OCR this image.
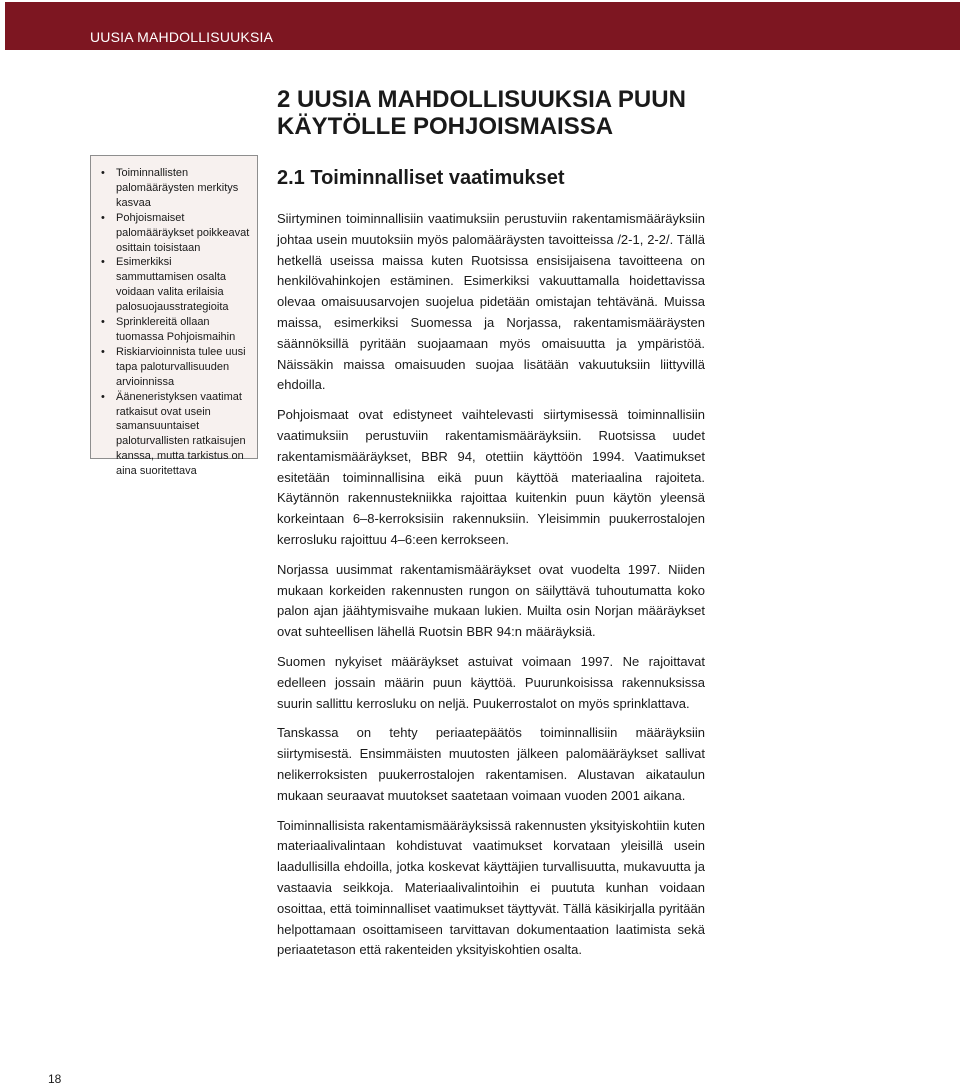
UUSIA MAHDOLLISUUKSIA
• Toiminnallisten palomääräysten merkitys kasvaa
• Pohjoismaiset palomääräykset poikkeavat osittain toisistaan
• Esimerkiksi sammuttamisen osalta voidaan valita erilaisia palosuojausstrategioita
• Sprinklereitä ollaan tuomassa Pohjoismaihin
• Riskiarvioinnista tulee uusi tapa paloturvallisuuden arvioinnissa
• Ääneneristyksen vaatimat ratkaisut ovat usein samansuuntaiset paloturvallisten ratkaisujen kanssa, mutta tarkistus on aina suoritettava
2 UUSIA MAHDOLLISUUKSIA PUUN KÄYTÖLLE POHJOISMAISSA
2.1 Toiminnalliset vaatimukset

Siirtyminen toiminnallisiin vaatimuksiin perustuviin rakentamismääräyksiin johtaa usein muutoksiin myös palomääräysten tavoitteissa /2-1, 2-2/. Tällä hetkellä useissa maissa kuten Ruotsissa ensisijaisena tavoitteena on henkilövahinkojen estäminen. Esimerkiksi vakuuttamalla hoidettavissa olevaa omaisuusarvojen suojelua pidetään omistajan tehtävänä. Muissa maissa, esimerkiksi Suomessa ja Norjassa, rakentamismääräysten säännöksillä pyritään suojaamaan myös omaisuutta ja ympäristöä. Näissäkin maissa omaisuuden suojaa lisätään vakuutuksiin liittyvillä ehdoilla.

Pohjoismaat ovat edistyneet vaihtelevasti siirtymisessä toiminnallisiin vaatimuksiin perustuviin rakentamismääräyksiin. Ruotsissa uudet rakentamismääräykset, BBR 94, otettiin käyttöön 1994. Vaatimukset esitetään toiminnallisina eikä puun käyttöä materiaalina rajoiteta. Käytännön rakennustekniikka rajoittaa kuitenkin puun käytön yleensä korkeintaan 6–8-kerroksisiin rakennuksiin. Yleisimmin puukerrostalojen kerrosluku rajoittuu 4–6:een kerrokseen.

Norjassa uusimmat rakentamismääräykset ovat vuodelta 1997. Niiden mukaan korkeiden rakennusten rungon on säilyttävä tuhoutumatta koko palon ajan jäähtymisvaihe mukaan lukien. Muilta osin Norjan määräykset ovat suhteellisen lähellä Ruotsin BBR 94:n määräyksiä.

Suomen nykyiset määräykset astuivat voimaan 1997. Ne rajoittavat edelleen jossain määrin puun käyttöä. Puurunkoisissa rakennuksissa suurin sallittu kerrosluku on neljä. Puukerrostalot on myös sprinklattava.

Tanskassa on tehty periaatepäätös toiminnallisiin määräyksiin siirtymisestä. Ensimmäisten muutosten jälkeen palomääräykset sallivat nelikerroksisten puukerrostalojen rakentamisen. Alustavan aikataulun mukaan seuraavat muutokset saatetaan voimaan vuoden 2001 aikana.

Toiminnallisista rakentamismääräyksissä rakennusten yksityiskohtiin kuten materiaalivalintaan kohdistuvat vaatimukset korvataan yleisillä usein laadullisilla ehdoilla, jotka koskevat käyttäjien turvallisuutta, mukavuutta ja vastaavia seikkoja. Materiaalivalintoihin ei puututa kunhan voidaan osoittaa, että toiminnalliset vaatimukset täyttyvät. Tällä käsikirjalla pyritään helpottamaan osoittamiseen tarvittavan dokumentaation laatimista sekä periaatetason että rakenteiden yksityiskohtien osalta.

18
